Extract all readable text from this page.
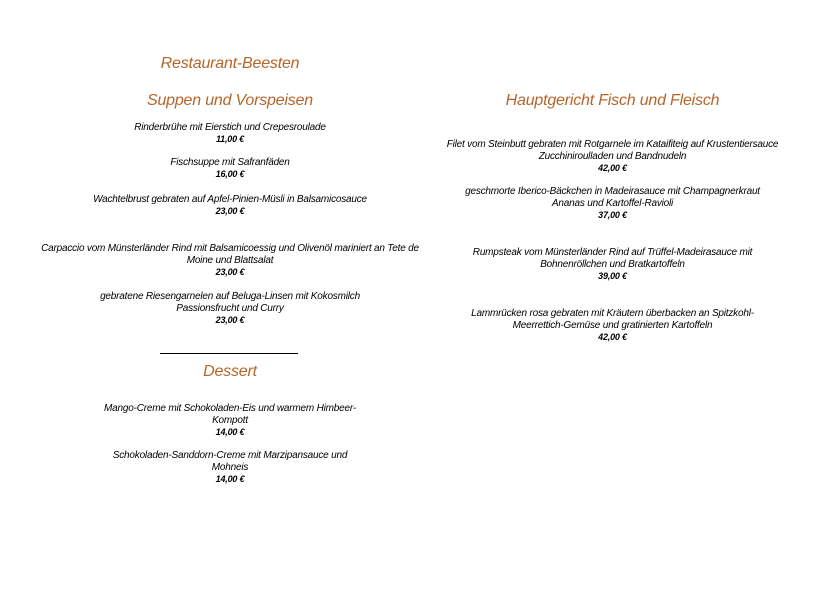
Restaurant-Beesten
Suppen und Vorspeisen

Rinderbrühe mit Eierstich und Crepesroulade
11,00 €

Fischsuppe mit Safranfäden
16,00 €

Wachtelbrust gebraten auf Apfel-Pinien-Müsli in Balsamicosauce
23,00 €

Carpaccio vom Münsterländer Rind mit Balsamicoessig und Olivenöl mariniert an Tete de Moine und Blattsalat
23,00 €

gebratene Riesengarnelen auf Beluga-Linsen mit Kokosmilch Passionsfrucht und Curry
23,00 €

Dessert

Mango-Creme mit Schokoladen-Eis und warmem Himbeer-Kompott
14,00 €

Schokoladen-Sanddorn-Creme mit Marzipansauce und Mohneis
14,00 €

Hauptgericht Fisch und Fleisch

Filet vom Steinbutt gebraten mit Rotgarnele im Kataifiteig auf Krustentiersauce Zucchiniroulladen und Bandnudeln
42,00 €

geschmorte Iberico-Bäckchen in Madeirasauce mit Champagnerkraut Ananas und Kartoffel-Ravioli
37,00 €

Rumpsteak vom Münsterländer Rind auf Trüffel-Madeirasauce mit Bohnenröllchen und Bratkartoffeln
39,00 €

Lammrücken rosa gebraten mit Kräutern überbacken an Spitzkohl-Meerrettich-Gemüse und gratinierten Kartoffeln
42,00 €
